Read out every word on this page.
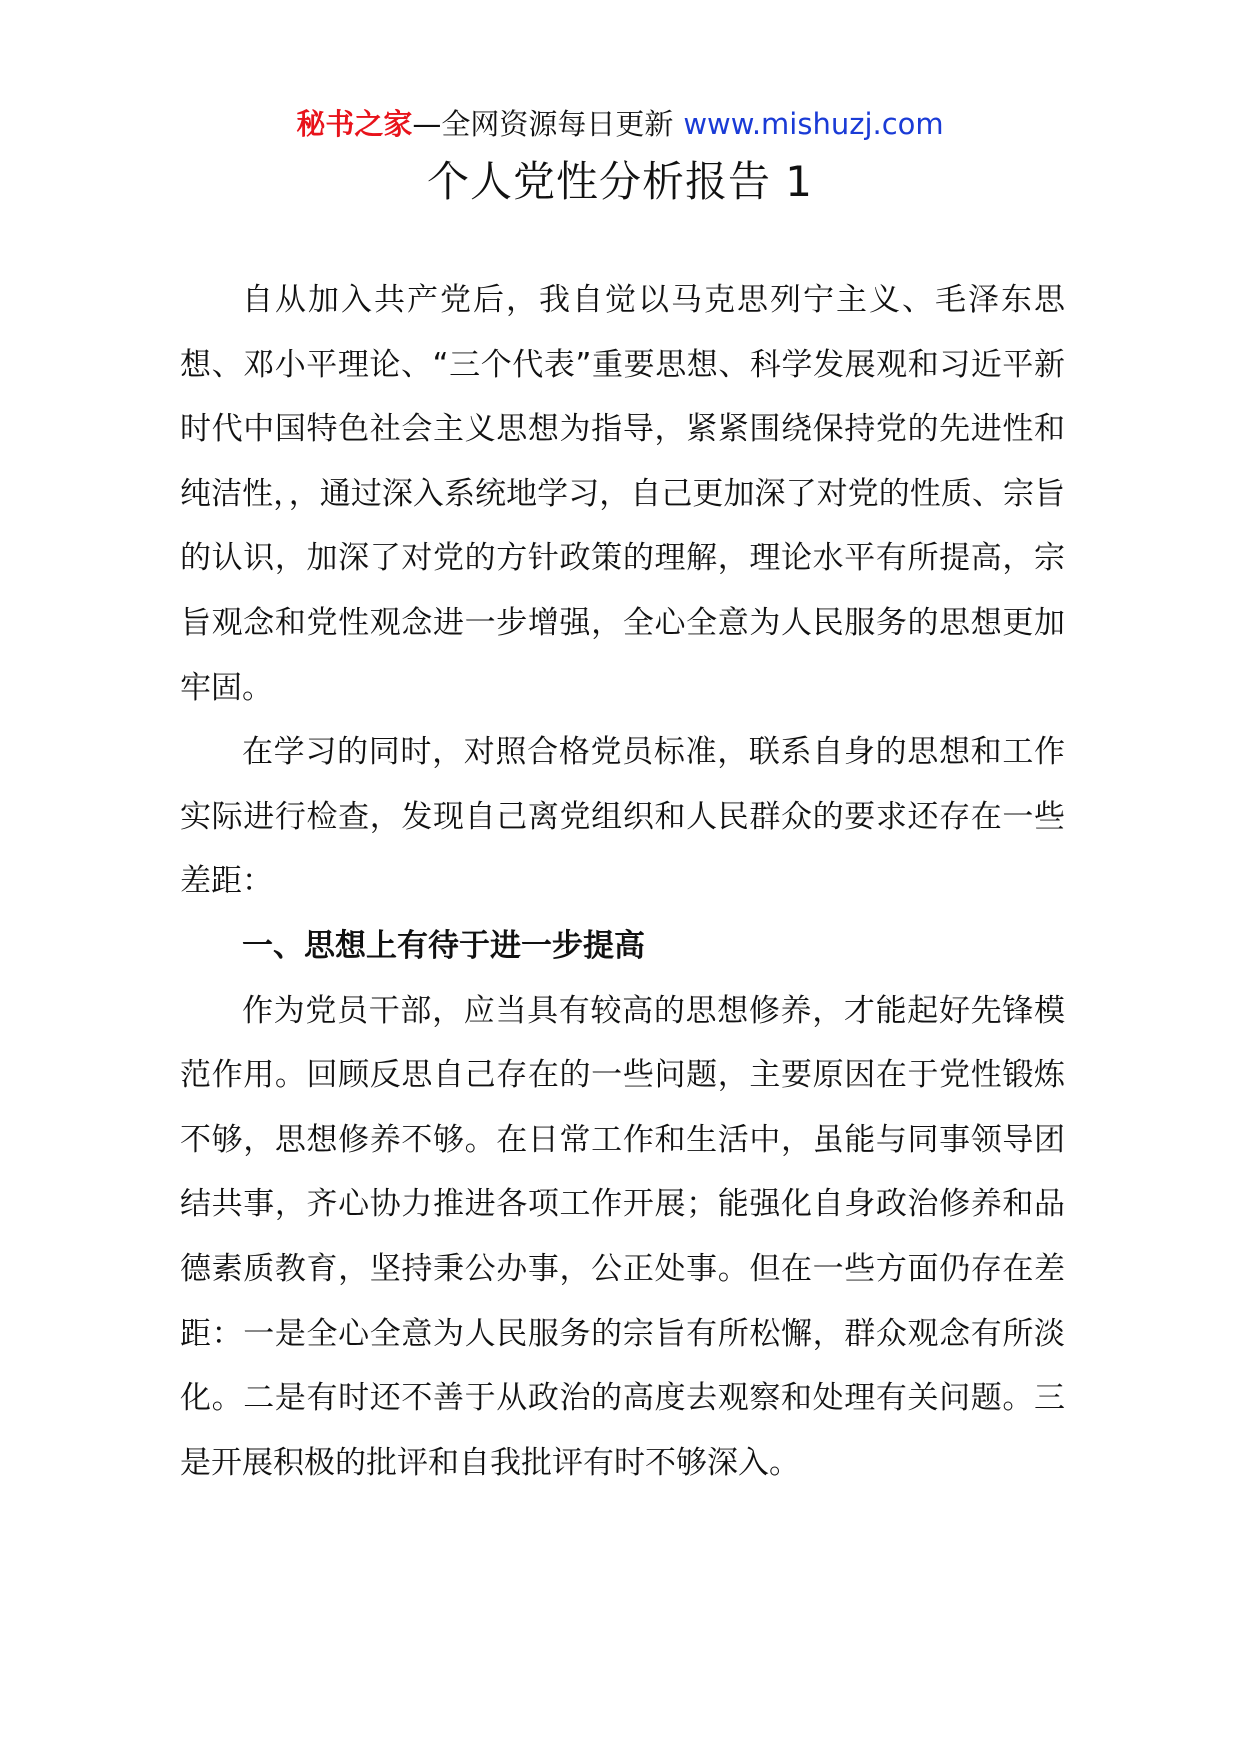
秘书之家—全网资源每日更新 www.mishuzj.com
个人党性分析报告 1

自从加入共产党后，我自觉以马克思列宁主义、毛泽东思想、邓小平理论、“三个代表”重要思想、科学发展观和习近平新时代中国特色社会主义思想为指导，紧紧围绕保持党的先进性和纯洁性，，通过深入系统地学习，自己更加深了对党的性质、宗旨的认识，加深了对党的方针政策的理解，理论水平有所提高，宗旨观念和党性观念进一步增强，全心全意为人民服务的思想更加牢固。

在学习的同时，对照合格党员标准，联系自身的思想和工作实际进行检查，发现自己离党组织和人民群众的要求还存在一些差距：

一、思想上有待于进一步提高

作为党员干部，应当具有较高的思想修养，才能起好先锋模范作用。回顾反思自己存在的一些问题，主要原因在于党性锻炼不够，思想修养不够。在日常工作和生活中，虽能与同事领导团结共事，齐心协力推进各项工作开展；能强化自身政治修养和品德素质教育，坚持秉公办事，公正处事。但在一些方面仍存在差距：一是全心全意为人民服务的宗旨有所松懈，群众观念有所淡化。二是有时还不善于从政治的高度去观察和处理有关问题。三是开展积极的批评和自我批评有时不够深入。
